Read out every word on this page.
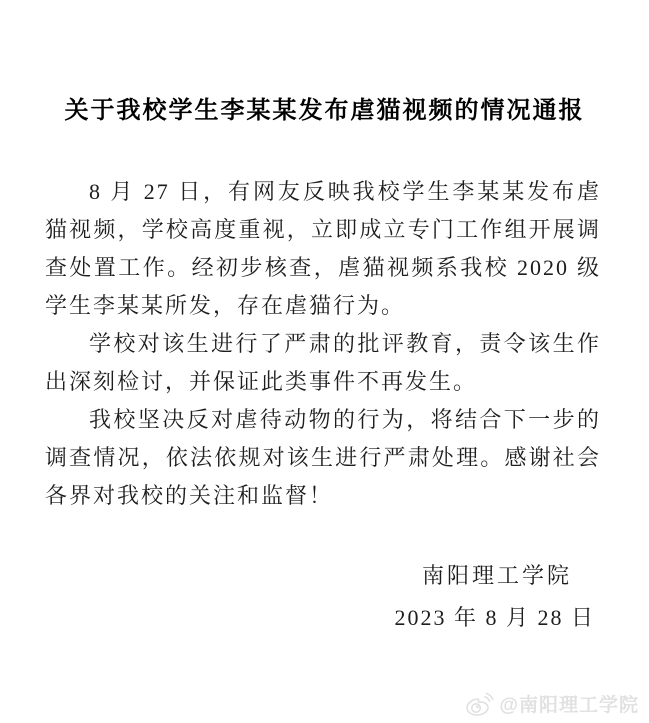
关于我校学生李某某发布虐猫视频的情况通报

8 月 27 日，有网友反映我校学生李某某发布虐猫视频，学校高度重视，立即成立专门工作组开展调查处置工作。经初步核查，虐猫视频系我校 2020 级学生李某某所发，存在虐猫行为。

学校对该生进行了严肃的批评教育，责令该生作出深刻检讨，并保证此类事件不再发生。

我校坚决反对虐待动物的行为，将结合下一步的调查情况，依法依规对该生进行严肃处理。感谢社会各界对我校的关注和监督！

南阳理工学院
2023 年 8 月 28 日
@南阳理工学院
